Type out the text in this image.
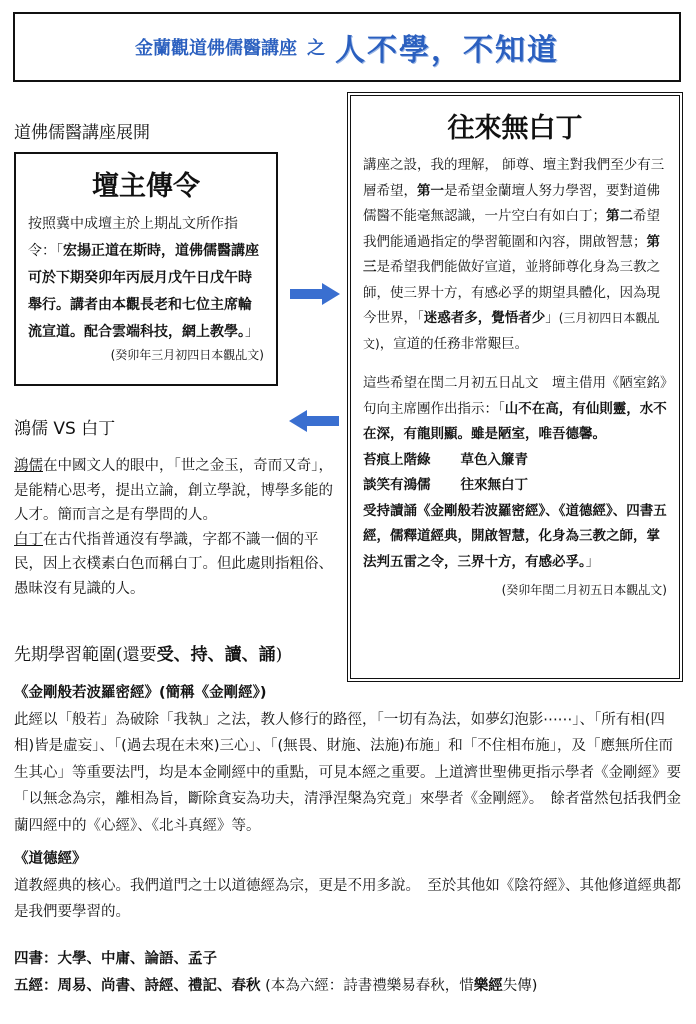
金蘭觀道佛儒醫講座 之 人不學，不知道
道佛儒醫講座展開
壇主傳令
按照冀中成壇主於上期乩文所作指令：「宏揚正道在斯時，道佛儒醫講座可於下期癸卯年丙辰月戊午日戊午時舉行。講者由本觀長老和七位主席輪流宣道。配合雲端科技，網上教學。」
(癸卯年三月初四日本觀乩文)
鴻儒 VS 白丁
鴻儒在中國文人的眼中，「世之金玉，奇而又奇」，是能精心思考，提出立論，創立學說，博學多能的人才。簡而言之是有學問的人。
白丁在古代指普通沒有學識，字都不識一個的平民，因上衣樸素白色而稱白丁。但此處則指粗俗、愚昧沒有見識的人。
往來無白丁
講座之設，我的理解， 師尊、壇主對我們至少有三層希望，第一是希望金蘭壇人努力學習，要對道佛儒醫不能毫無認識，一片空白有如白丁；第二希望我們能通過指定的學習範圍和內容，開啟智慧；第三是希望我們能做好宣道，並將師尊化身為三教之師，使三界十方，有感必孚的期望具體化，因為現今世界，「迷惑者多，覺悟者少」(三月初四日本觀乩文)，宣道的任務非常艱巨。
這些希望在閏二月初五日乩文　壇主借用《陋室銘》句向主席團作出指示：「山不在高，有仙則靈，水不在深，有龍則顯。雖是陋室，唯吾德馨。
苔痕上階綠 草色入簾青
談笑有鴻儒 往來無白丁
受持讀誦《金剛般若波羅密經》、《道德經》、四書五經，儒釋道經典，開啟智慧，化身為三教之師，掌法判五雷之令，三界十方，有感必孚。」
(癸卯年閏二月初五日本觀乩文)
先期學習範圍(還要受、持、讀、誦)
《金剛般若波羅密經》(簡稱《金剛經》)
此經以「般若」為破除「我執」之法，教人修行的路徑，「一切有為法，如夢幻泡影⋯⋯」、「所有相(四相)皆是虛妄」、「(過去現在未來)三心」、「(無畏、財施、法施)布施」和「不住相布施」，及「應無所住而生其心」等重要法門，均是本金剛經中的重點，可見本經之重要。上道濟世聖佛更指示學者《金剛經》要「以無念為宗，離相為旨，斷除貪妄為功夫，清淨涅槃為究竟」來學者《金剛經》。　餘者當然包括我們金蘭四經中的《心經》、《北斗真經》等。
《道德經》
道教經典的核心。我們道門之士以道德經為宗，更是不用多說。　至於其他如《陰符經》、其他修道經典都是我們要學習的。
四書：大學、中庸、論語、孟子
五經：周易、尚書、詩經、禮記、春秋 (本為六經：詩書禮樂易春秋，惜樂經失傳)
